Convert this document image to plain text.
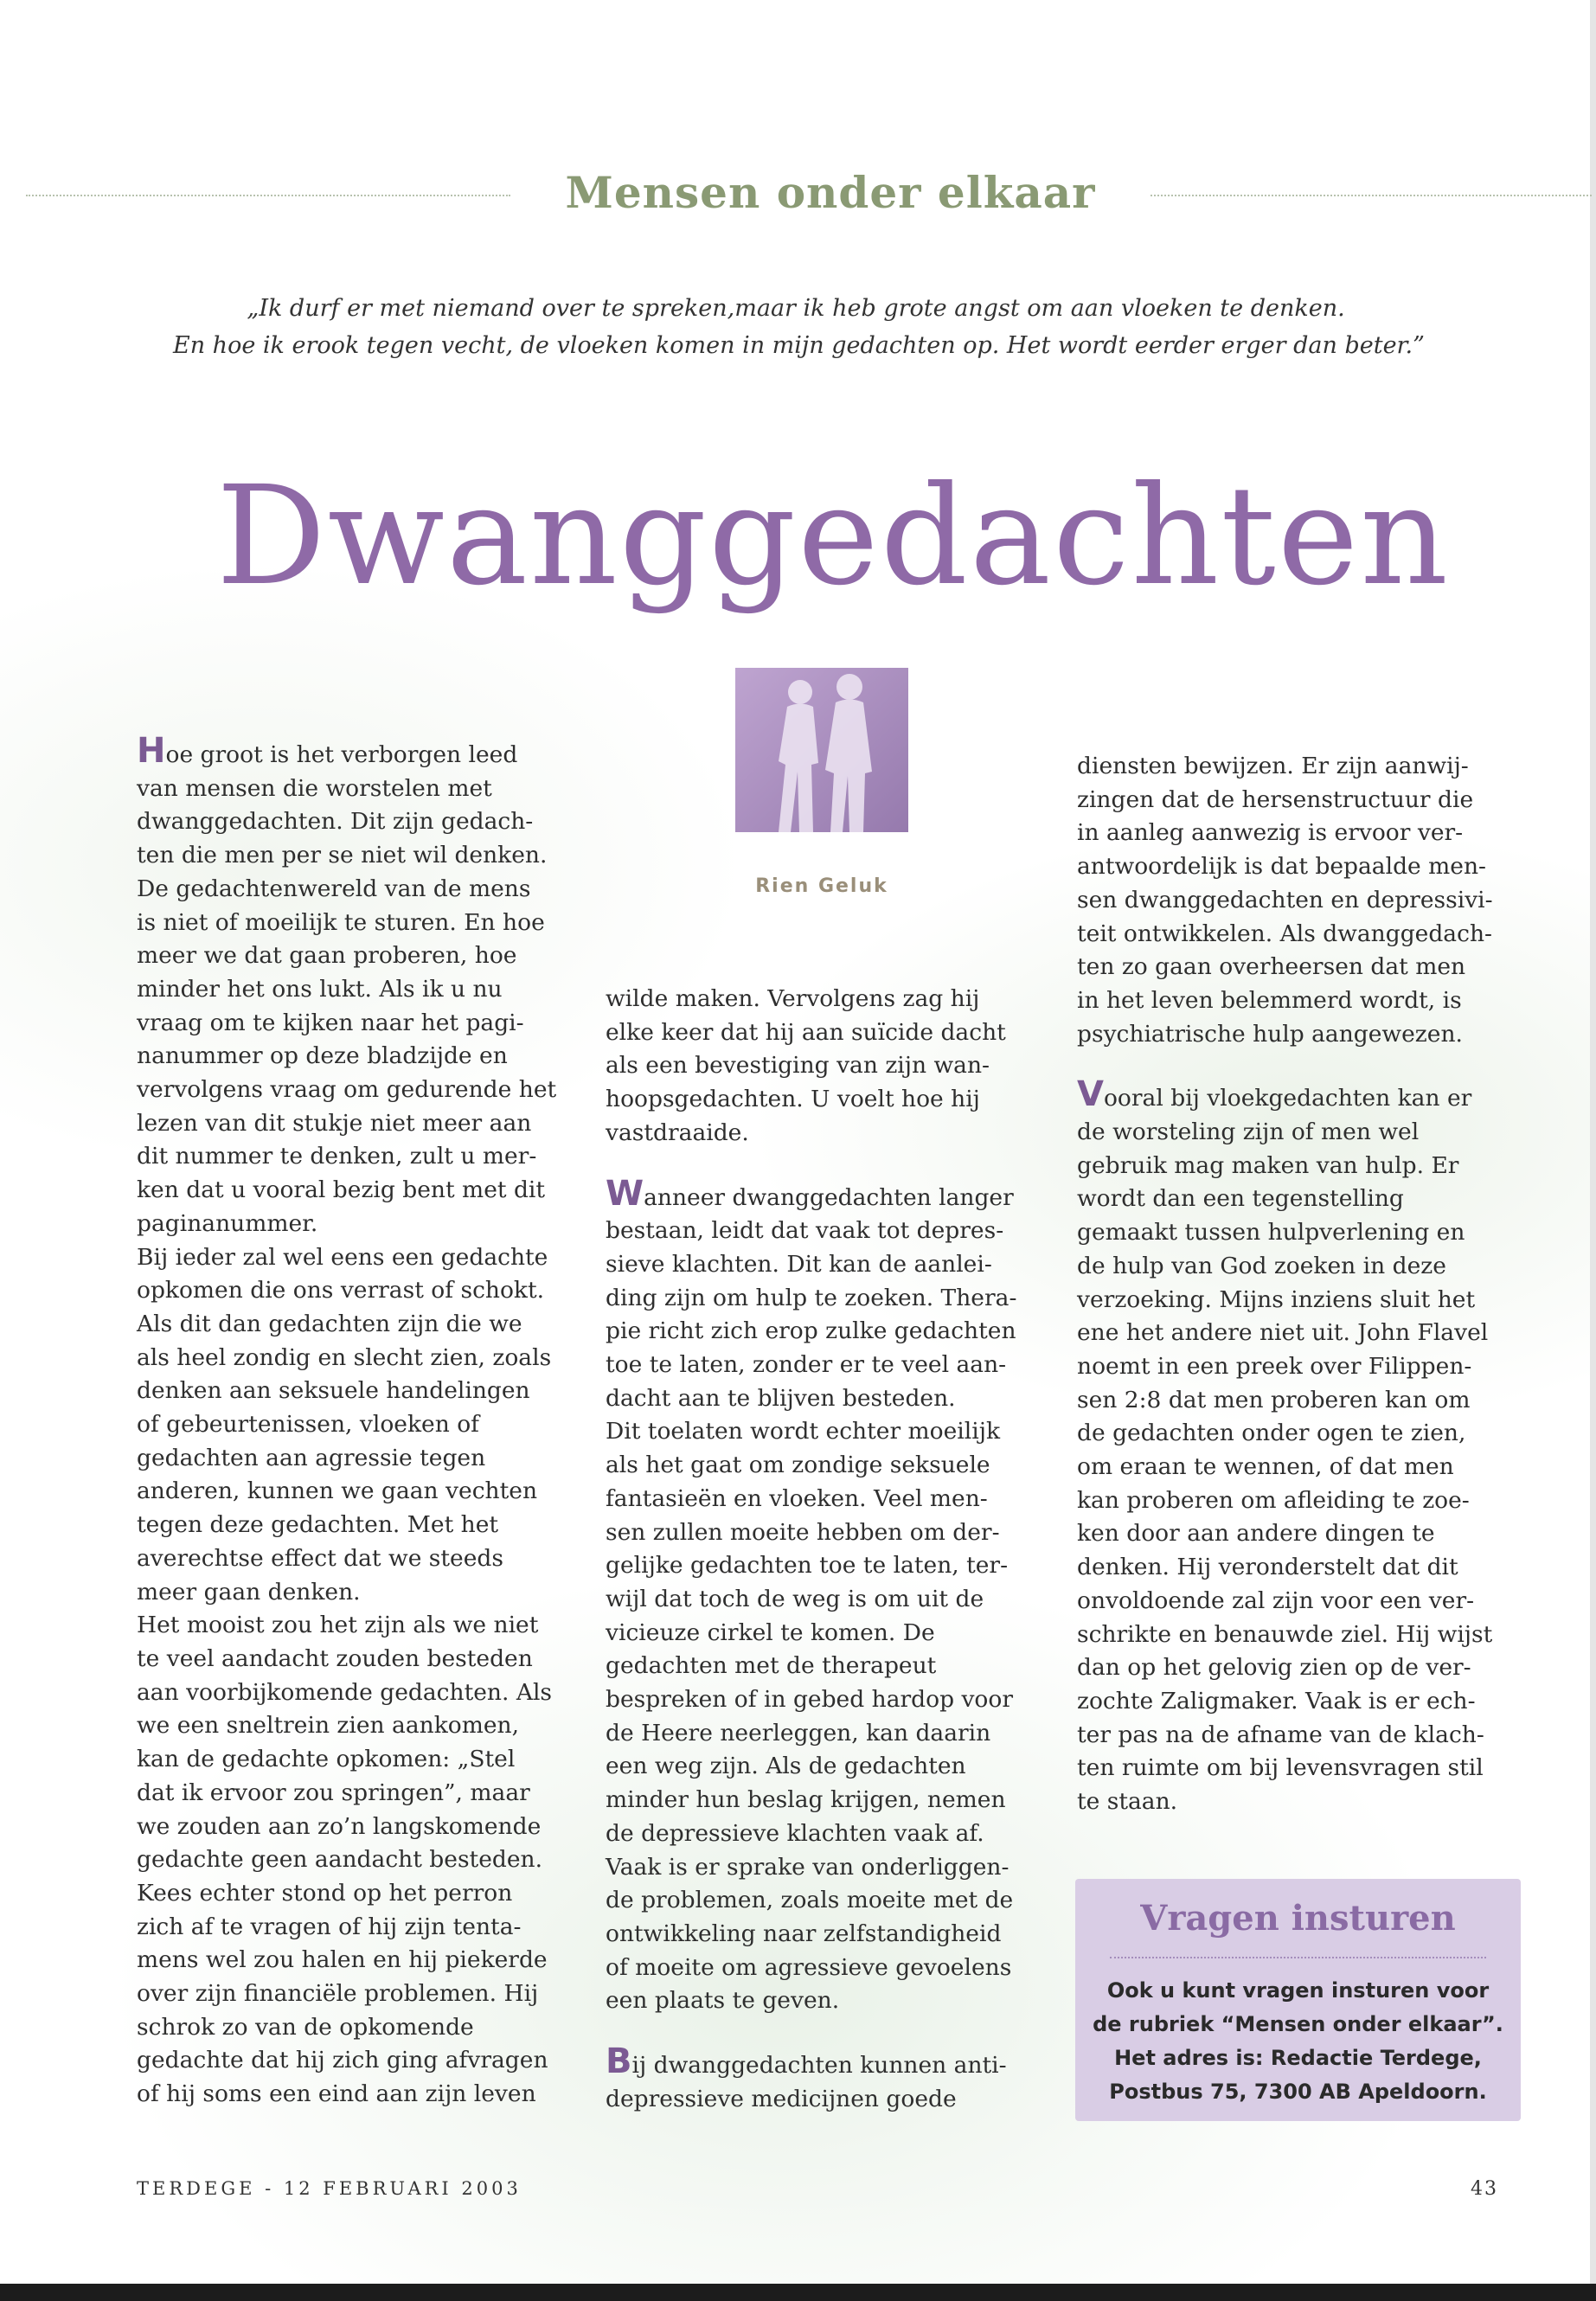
Mensen onder elkaar
„Ik durf er met niemand over te spreken,maar ik heb grote angst om aan vloeken te denken.
En hoe ik erook tegen vecht, de vloeken komen in mijn gedachten op. Het wordt eerder erger dan beter.”
Dwanggedachten
Rien Geluk

Hoe groot is het verborgen leed
van mensen die worstelen met
dwanggedachten. Dit zijn gedach-
ten die men per se niet wil denken.
De gedachtenwereld van de mens
is niet of moeilijk te sturen. En hoe
meer we dat gaan proberen, hoe
minder het ons lukt. Als ik u nu
vraag om te kijken naar het pagi-
nanummer op deze bladzijde en
vervolgens vraag om gedurende het
lezen van dit stukje niet meer aan
dit nummer te denken, zult u mer-
ken dat u vooral bezig bent met dit
paginanummer.

Bij ieder zal wel eens een gedachte
opkomen die ons verrast of schokt.
Als dit dan gedachten zijn die we
als heel zondig en slecht zien, zoals
denken aan seksuele handelingen
of gebeurtenissen, vloeken of
gedachten aan agressie tegen
anderen, kunnen we gaan vechten
tegen deze gedachten. Met het
averechtse effect dat we steeds
meer gaan denken.

Het mooist zou het zijn als we niet
te veel aandacht zouden besteden
aan voorbijkomende gedachten. Als
we een sneltrein zien aankomen,
kan de gedachte opkomen: „Stel
dat ik ervoor zou springen”, maar
we zouden aan zo’n langskomende
gedachte geen aandacht besteden.
Kees echter stond op het perron
zich af te vragen of hij zijn tenta-
mens wel zou halen en hij piekerde
over zijn financiële problemen. Hij
schrok zo van de opkomende
gedachte dat hij zich ging afvragen
of hij soms een eind aan zijn leven

wilde maken. Vervolgens zag hij
elke keer dat hij aan suïcide dacht
als een bevestiging van zijn wan-
hoopsgedachten. U voelt hoe hij
vastdraaide.

Wanneer dwanggedachten langer
bestaan, leidt dat vaak tot depres-
sieve klachten. Dit kan de aanlei-
ding zijn om hulp te zoeken. Thera-
pie richt zich erop zulke gedachten
toe te laten, zonder er te veel aan-
dacht aan te blijven besteden.

Dit toelaten wordt echter moeilijk
als het gaat om zondige seksuele
fantasieën en vloeken. Veel men-
sen zullen moeite hebben om der-
gelijke gedachten toe te laten, ter-
wijl dat toch de weg is om uit de
vicieuze cirkel te komen. De
gedachten met de therapeut
bespreken of in gebed hardop voor
de Heere neerleggen, kan daarin
een weg zijn. Als de gedachten
minder hun beslag krijgen, nemen
de depressieve klachten vaak af.
Vaak is er sprake van onderliggen-
de problemen, zoals moeite met de
ontwikkeling naar zelfstandigheid
of moeite om agressieve gevoelens
een plaats te geven.

Bij dwanggedachten kunnen anti-
depressieve medicijnen goede

diensten bewijzen. Er zijn aanwij-
zingen dat de hersenstructuur die
in aanleg aanwezig is ervoor ver-
antwoordelijk is dat bepaalde men-
sen dwanggedachten en depressivi-
teit ontwikkelen. Als dwanggedach-
ten zo gaan overheersen dat men
in het leven belemmerd wordt, is
psychiatrische hulp aangewezen.

Vooral bij vloekgedachten kan er
de worsteling zijn of men wel
gebruik mag maken van hulp. Er
wordt dan een tegenstelling
gemaakt tussen hulpverlening en
de hulp van God zoeken in deze
verzoeking. Mijns inziens sluit het
ene het andere niet uit. John Flavel
noemt in een preek over Filippen-
sen 2:8 dat men proberen kan om
de gedachten onder ogen te zien,
om eraan te wennen, of dat men
kan proberen om afleiding te zoe-
ken door aan andere dingen te
denken. Hij veronderstelt dat dit
onvoldoende zal zijn voor een ver-
schrikte en benauwde ziel. Hij wijst
dan op het gelovig zien op de ver-
zochte Zaligmaker. Vaak is er ech-
ter pas na de afname van de klach-
ten ruimte om bij levensvragen stil
te staan.

Vragen insturen
Ook u kunt vragen insturen voor
de rubriek “Mensen onder elkaar”.
Het adres is: Redactie Terdege,
Postbus 75, 7300 AB Apeldoorn.
TERDEGE - 12 FEBRUARI 2003	43
